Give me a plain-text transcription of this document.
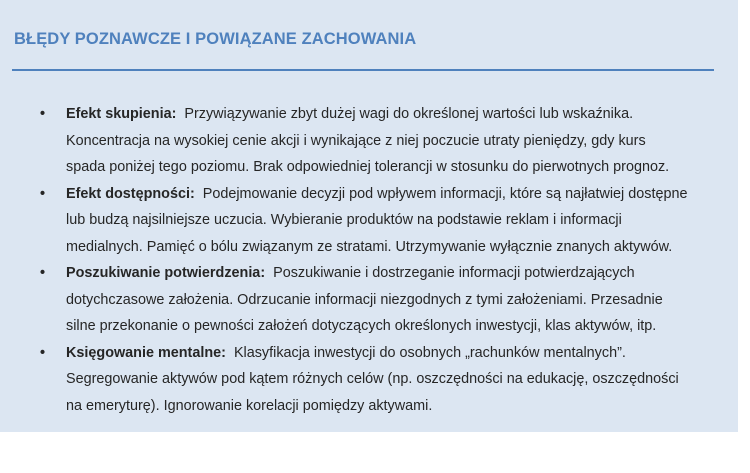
BŁĘDY POZNAWCZE I POWIĄZANE ZACHOWANIA
• Efekt skupienia: Przywiązywanie zbyt dużej wagi do określonej wartości lub wskaźnika.
Koncentracja na wysokiej cenie akcji i wynikające z niej poczucie utraty pieniędzy, gdy kurs
spada poniżej tego poziomu. Brak odpowiedniej tolerancji w stosunku do pierwotnych prognoz.
• Efekt dostępności: Podejmowanie decyzji pod wpływem informacji, które są najłatwiej dostępne
lub budzą najsilniejsze uczucia. Wybieranie produktów na podstawie reklam i informacji
medialnych. Pamięć o bólu związanym ze stratami. Utrzymywanie wyłącznie znanych aktywów.
• Poszukiwanie potwierdzenia: Poszukiwanie i dostrzeganie informacji potwierdzających
dotychczasowe założenia. Odrzucanie informacji niezgodnych z tymi założeniami. Przesadnie
silne przekonanie o pewności założeń dotyczących określonych inwestycji, klas aktywów, itp.
• Księgowanie mentalne: Klasyfikacja inwestycji do osobnych „rachunków mentalnych”.
Segregowanie aktywów pod kątem różnych celów (np. oszczędności na edukację, oszczędności
na emeryturę). Ignorowanie korelacji pomiędzy aktywami.
